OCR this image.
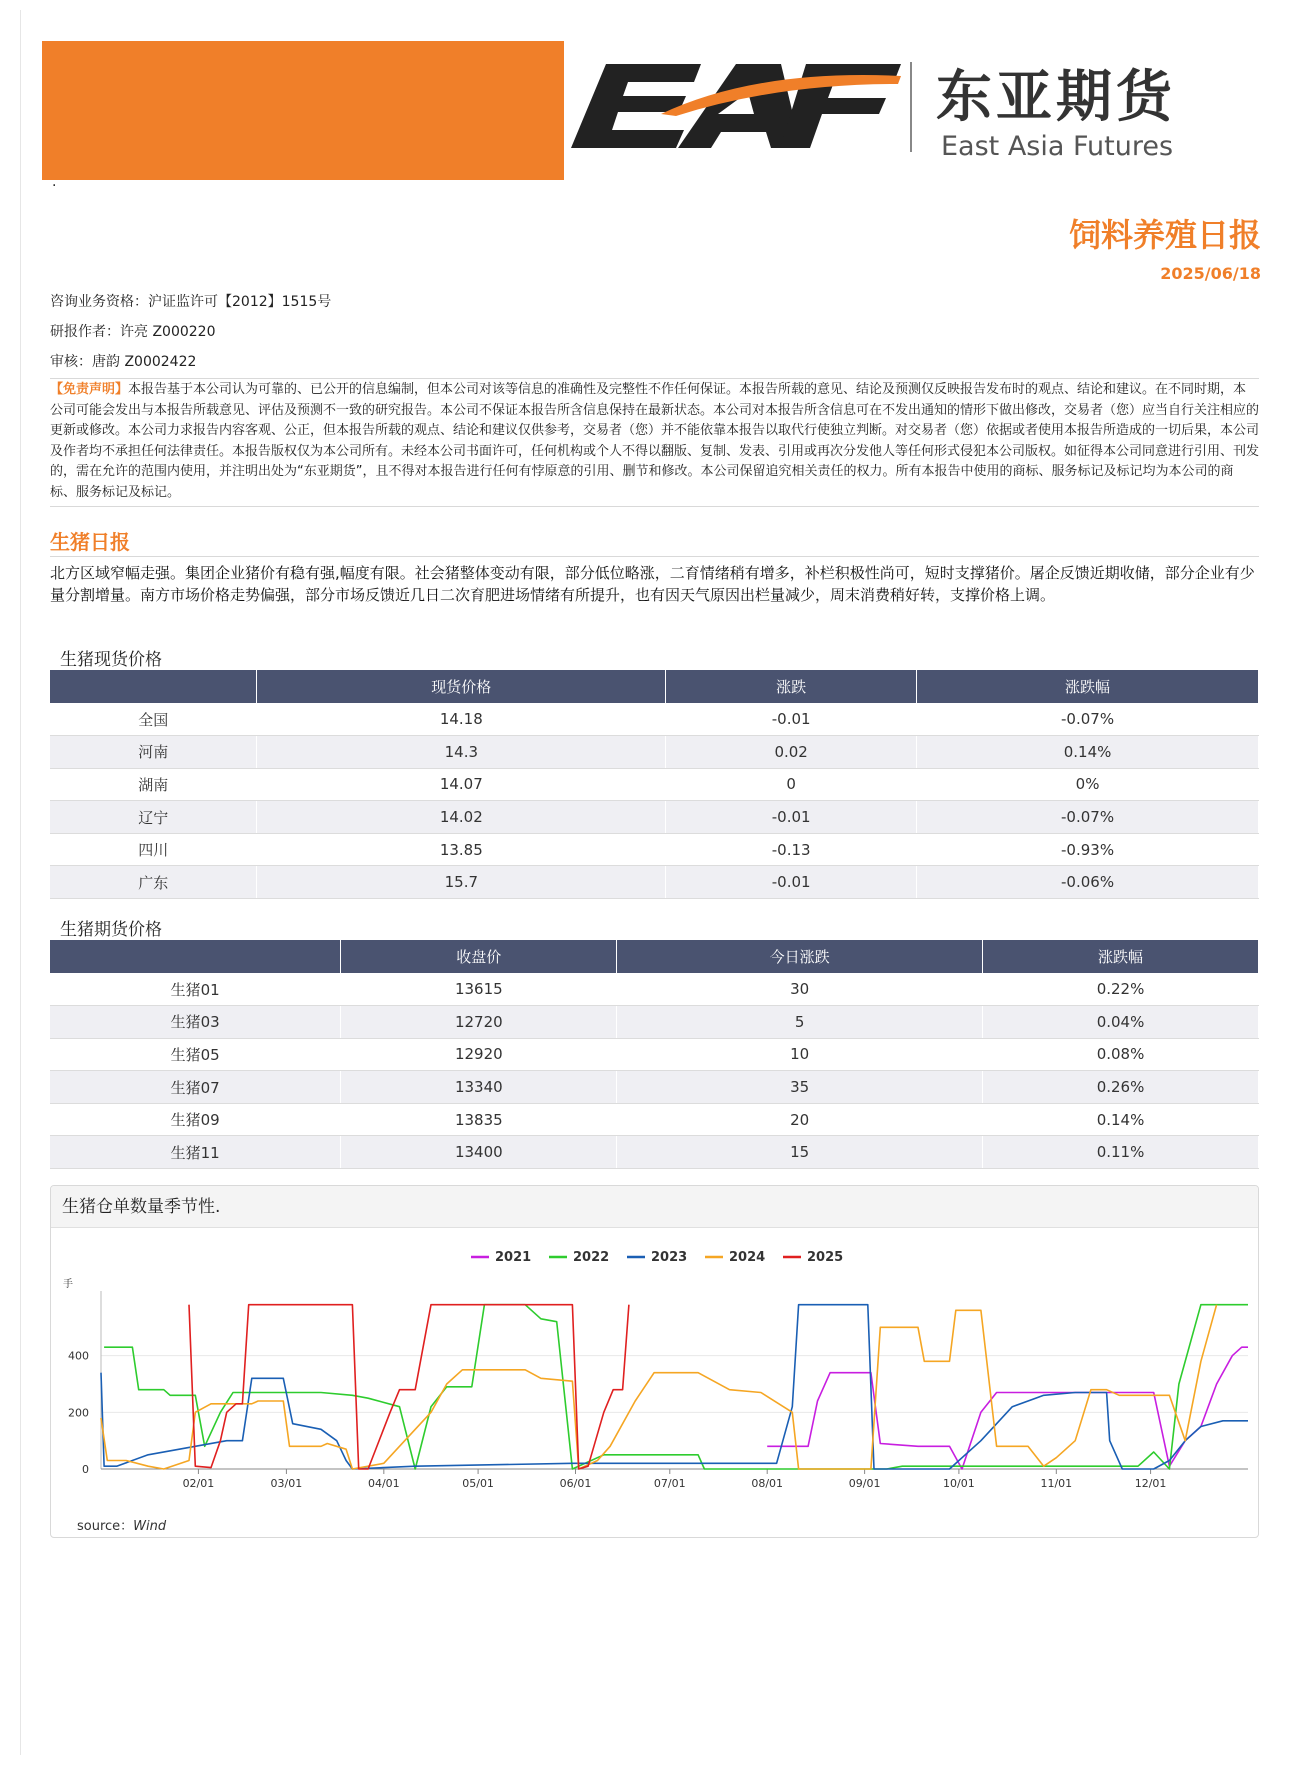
东亚期货
East Asia Futures
·
饲料养殖日报
2025/06/18
咨询业务资格：沪证监许可【2012】1515号
研报作者：许亮 Z000220
审核：唐韵 Z0002422
【免责声明】本报告基于本公司认为可靠的、已公开的信息编制，但本公司对该等信息的准确性及完整性不作任何保证。本报告所载的意见、结论及预测仅反映报告发布时的观点、结论和建议。在不同时期，本公司可能会发出与本报告所载意见、评估及预测不一致的研究报告。本公司不保证本报告所含信息保持在最新状态。本公司对本报告所含信息可在不发出通知的情形下做出修改，交易者（您）应当自行关注相应的更新或修改。本公司力求报告内容客观、公正，但本报告所载的观点、结论和建议仅供参考，交易者（您）并不能依靠本报告以取代行使独立判断。对交易者（您）依据或者使用本报告所造成的一切后果，本公司及作者均不承担任何法律责任。本报告版权仅为本公司所有。未经本公司书面许可，任何机构或个人不得以翻版、复制、发表、引用或再次分发他人等任何形式侵犯本公司版权。如征得本公司同意进行引用、刊发的，需在允许的范围内使用，并注明出处为“东亚期货”，且不得对本报告进行任何有悖原意的引用、删节和修改。本公司保留追究相关责任的权力。所有本报告中使用的商标、服务标记及标记均为本公司的商标、服务标记及标记。
生猪日报
北方区域窄幅走强。集团企业猪价有稳有强,幅度有限。社会猪整体变动有限，部分低位略涨，二育情绪稍有增多，补栏积极性尚可，短时支撑猪价。屠企反馈近期收储，部分企业有少量分割增量。南方市场价格走势偏强，部分市场反馈近几日二次育肥进场情绪有所提升，也有因天气原因出栏量减少，周末消费稍好转，支撑价格上调。
生猪现货价格
	现货价格	涨跌	涨跌幅
全国	14.18	-0.01	-0.07%
河南	14.3	0.02	0.14%
湖南	14.07	0	0%
辽宁	14.02	-0.01	-0.07%
四川	13.85	-0.13	-0.93%
广东	15.7	-0.01	-0.06%
生猪期货价格
	收盘价	今日涨跌	涨跌幅
生猪01	13615	30	0.22%
生猪03	12720	5	0.04%
生猪05	12920	10	0.08%
生猪07	13340	35	0.26%
生猪09	13835	20	0.14%
生猪11	13400	15	0.11%
生猪仓单数量季节性.
手
0
200
400
02/01	03/01	04/01	05/01	06/01	07/01	08/01	09/01	10/01	11/01	12/01
2021	2022	2023	2024	2025
source：Wind
